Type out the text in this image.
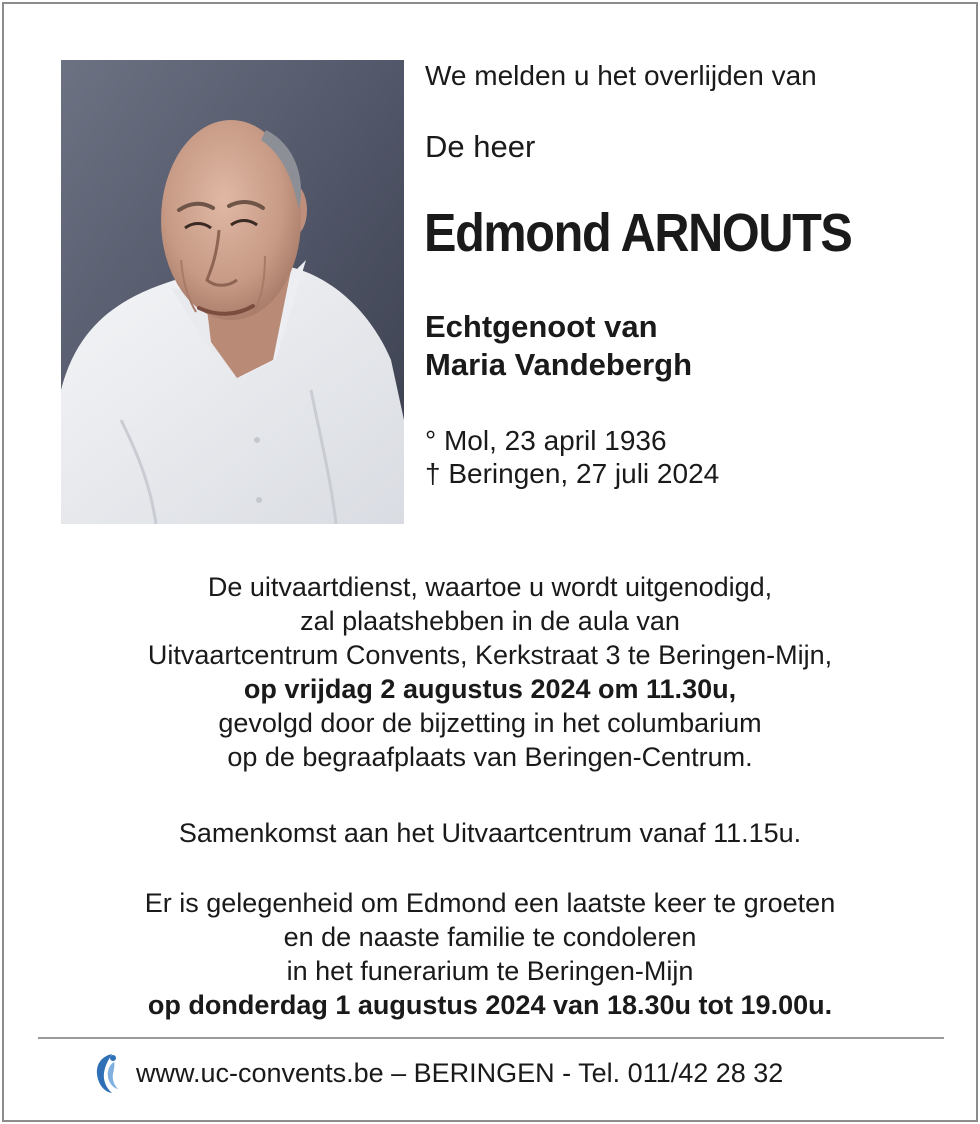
We melden u het overlijden van
De heer
Edmond ARNOUTS
Echtgenoot van
Maria Vandebergh
° Mol, 23 april 1936
† Beringen, 27 juli 2024
De uitvaartdienst, waartoe u wordt uitgenodigd,
zal plaatshebben in de aula van
Uitvaartcentrum Convents, Kerkstraat 3 te Beringen-Mijn,
op vrijdag 2 augustus 2024 om 11.30u,
gevolgd door de bijzetting in het columbarium
op de begraafplaats van Beringen-Centrum.
Samenkomst aan het Uitvaartcentrum vanaf 11.15u.
Er is gelegenheid om Edmond een laatste keer te groeten
en de naaste familie te condoleren
in het funerarium te Beringen-Mijn
op donderdag 1 augustus 2024 van 18.30u tot 19.00u.
www.uc-convents.be – BERINGEN - Tel. 011/42 28 32
